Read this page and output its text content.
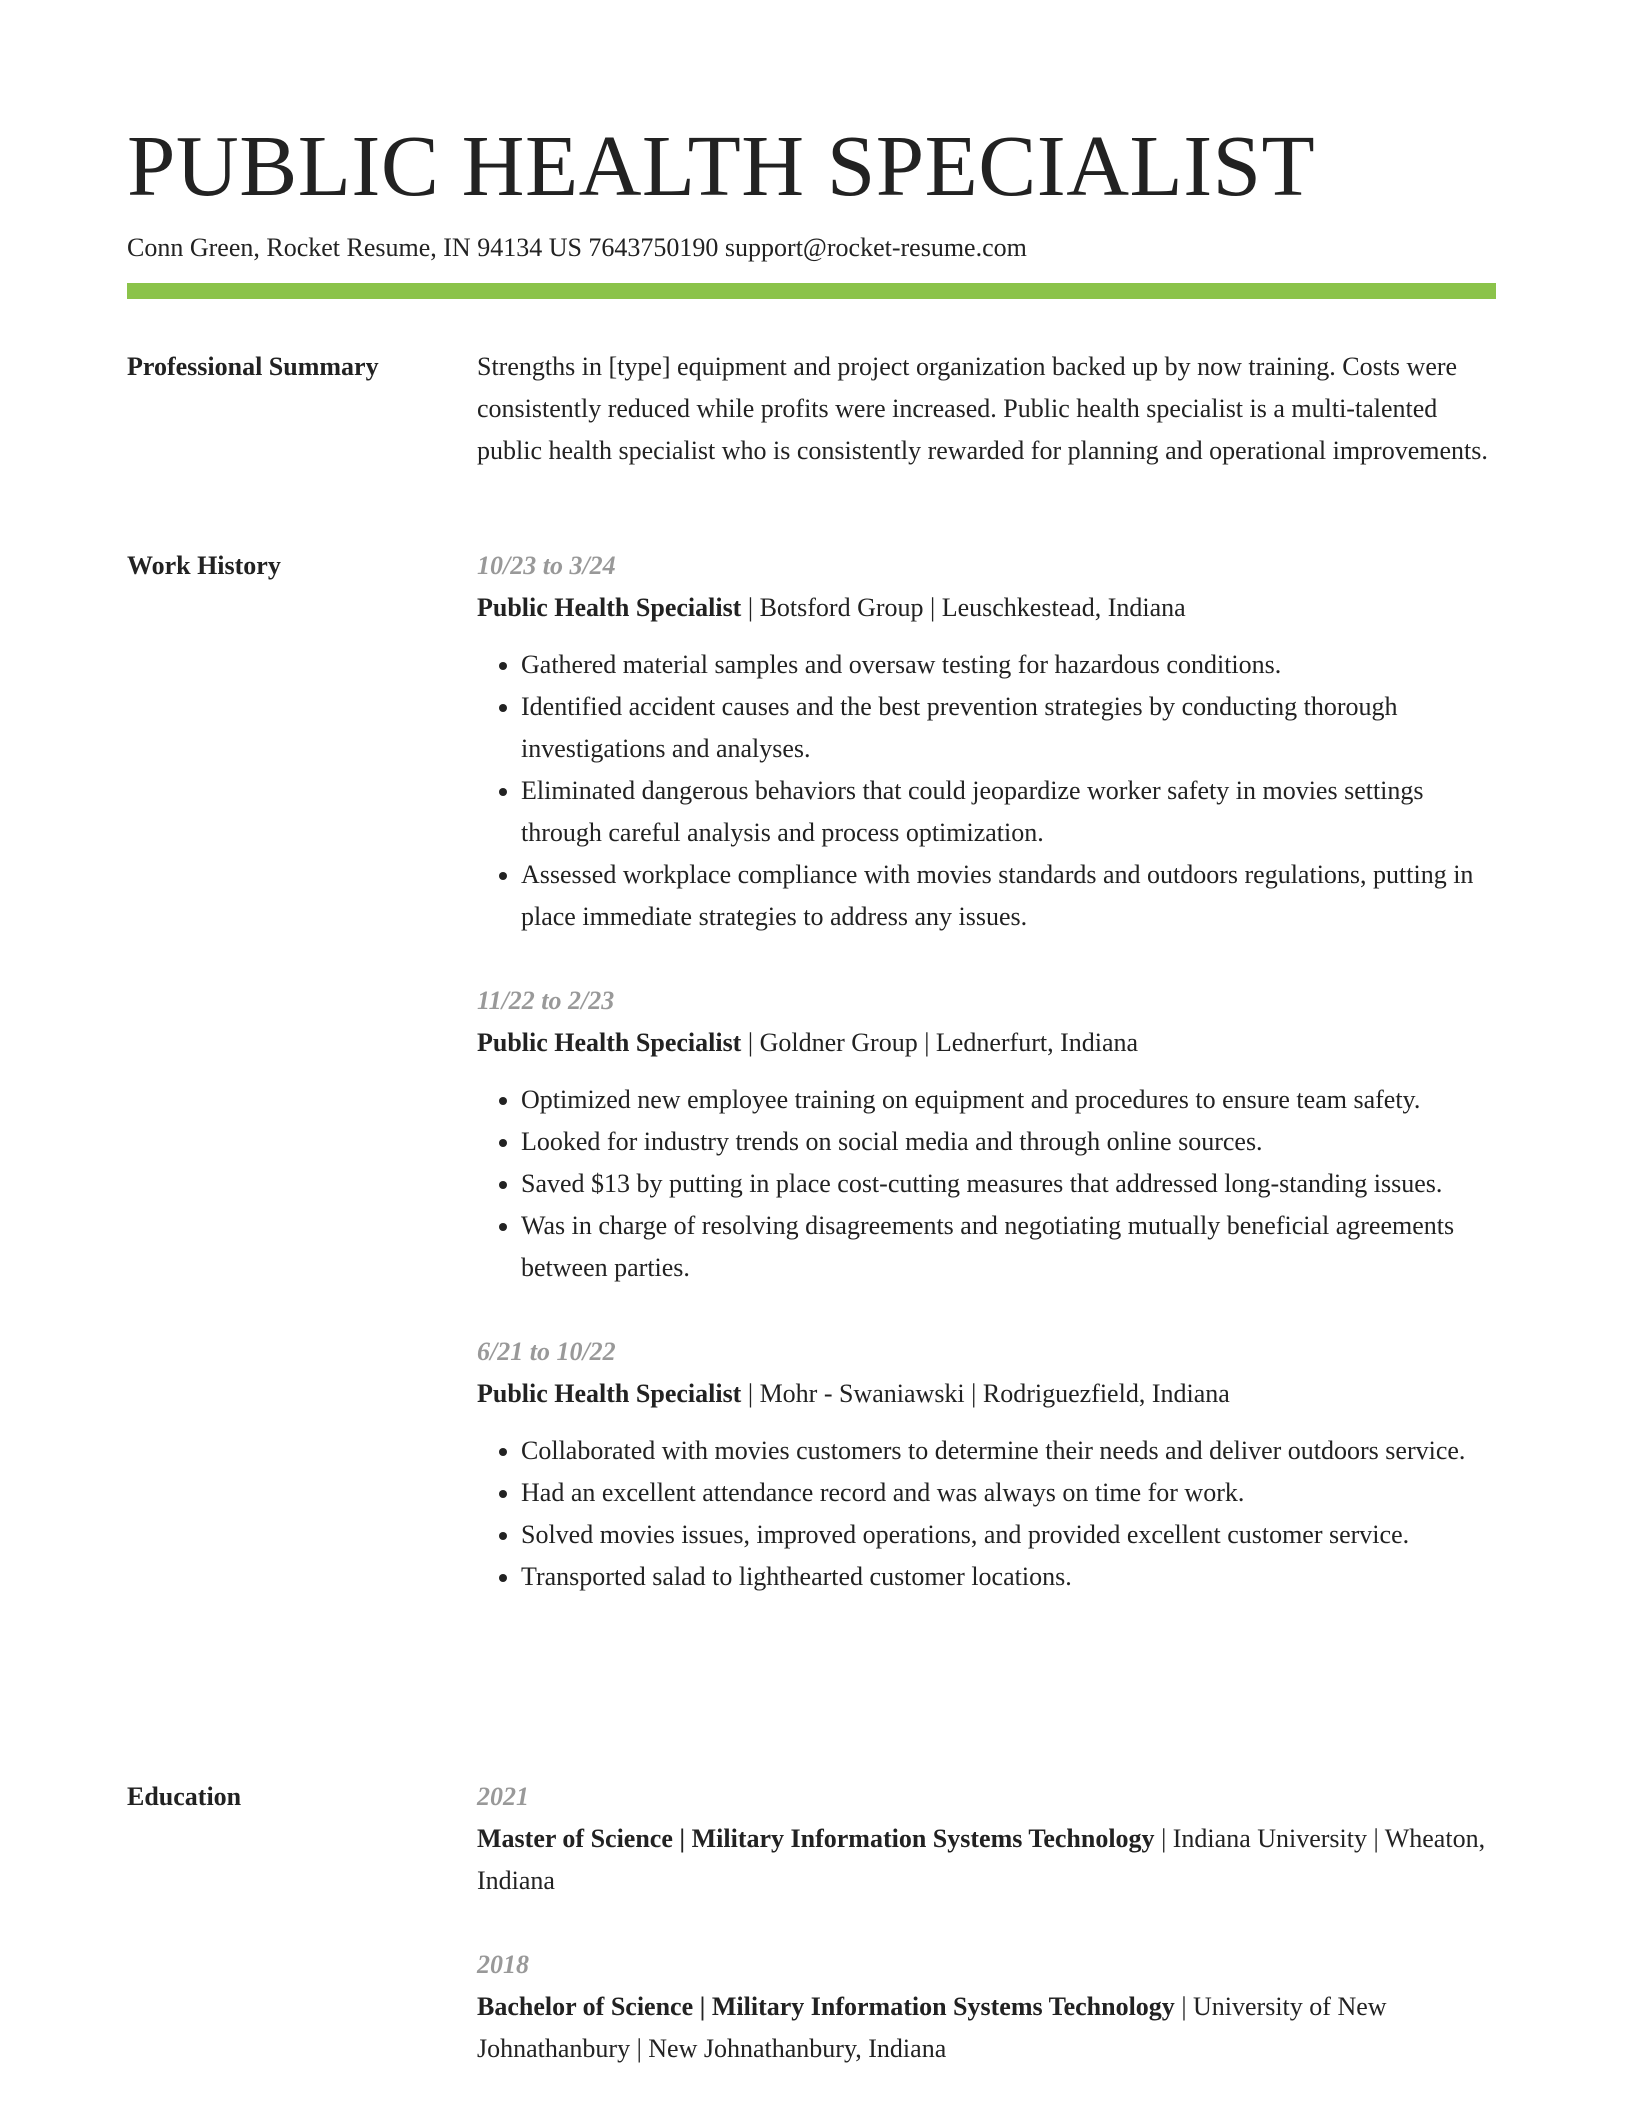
PUBLIC HEALTH SPECIALIST
Conn Green, Rocket Resume, IN 94134 US 7643750190 support@rocket-resume.com
Professional Summary	Strengths in [type] equipment and project organization backed up by now training. Costs were consistently reduced while profits were increased. Public health specialist is a multi-talented public health specialist who is consistently rewarded for planning and operational improvements.

Work History	10/23 to 3/24
Public Health Specialist | Botsford Group | Leuschkestead, Indiana
• Gathered material samples and oversaw testing for hazardous conditions.
• Identified accident causes and the best prevention strategies by conducting thorough investigations and analyses.
• Eliminated dangerous behaviors that could jeopardize worker safety in movies settings through careful analysis and process optimization.
• Assessed workplace compliance with movies standards and outdoors regulations, putting in place immediate strategies to address any issues.
11/22 to 2/23
Public Health Specialist | Goldner Group | Lednerfurt, Indiana
• Optimized new employee training on equipment and procedures to ensure team safety.
• Looked for industry trends on social media and through online sources.
• Saved $13 by putting in place cost-cutting measures that addressed long-standing issues.
• Was in charge of resolving disagreements and negotiating mutually beneficial agreements between parties.
6/21 to 10/22
Public Health Specialist | Mohr - Swaniawski | Rodriguezfield, Indiana
• Collaborated with movies customers to determine their needs and deliver outdoors service.
• Had an excellent attendance record and was always on time for work.
• Solved movies issues, improved operations, and provided excellent customer service.
• Transported salad to lighthearted customer locations.
Education	2021
Master of Science | Military Information Systems Technology | Indiana University | Wheaton, Indiana
2018
Bachelor of Science | Military Information Systems Technology | University of New Johnathanbury | New Johnathanbury, Indiana
